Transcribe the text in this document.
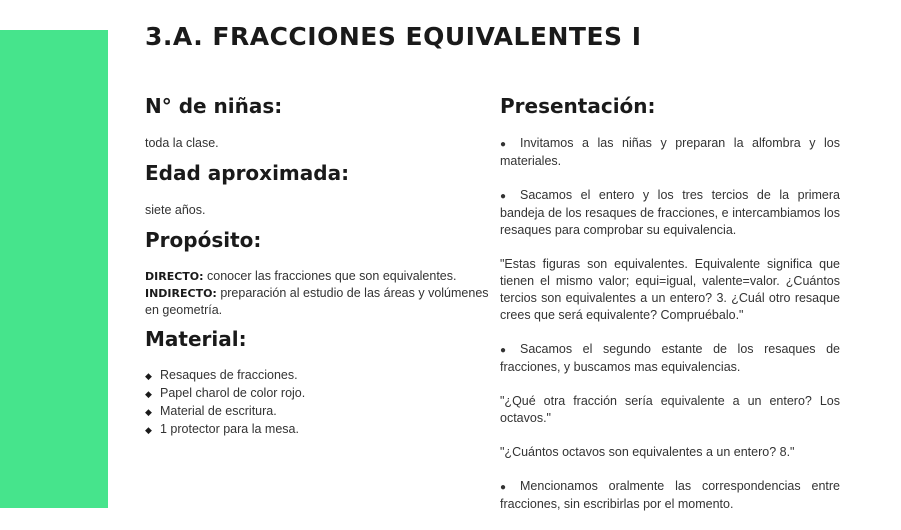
3.A. FRACCIONES EQUIVALENTES I
N° de niñas:

toda la clase.

Edad aproximada:

siete años.

Propósito:
DIRECTO: conocer las fracciones que son equivalentes.
INDIRECTO: preparación al estudio de las áreas y volúmenes en geometría.
Material:
◆ Resaques de fracciones.
◆ Papel charol de color rojo.
◆ Material de escritura.
◆ 1 protector para la mesa.
Presentación:

● Invitamos a las niñas y preparan la alfombra y los materiales.

● Sacamos el entero y los tres tercios de la primera bandeja de los resaques de fracciones, e intercambiamos los resaques para comprobar su equivalencia.

"Estas figuras son equivalentes. Equivalente significa que tienen el mismo valor; equi=igual, valente=valor. ¿Cuántos tercios son equivalentes a un entero? 3. ¿Cuál otro resaque crees que será equivalente? Compruébalo."

● Sacamos el segundo estante de los resaques de fracciones, y buscamos mas equivalencias.

"¿Qué otra fracción sería equivalente a un entero? Los octavos."

"¿Cuántos octavos son equivalentes a un entero? 8."

● Mencionamos oralmente las correspondencias entre fracciones, sin escribirlas por el momento.
